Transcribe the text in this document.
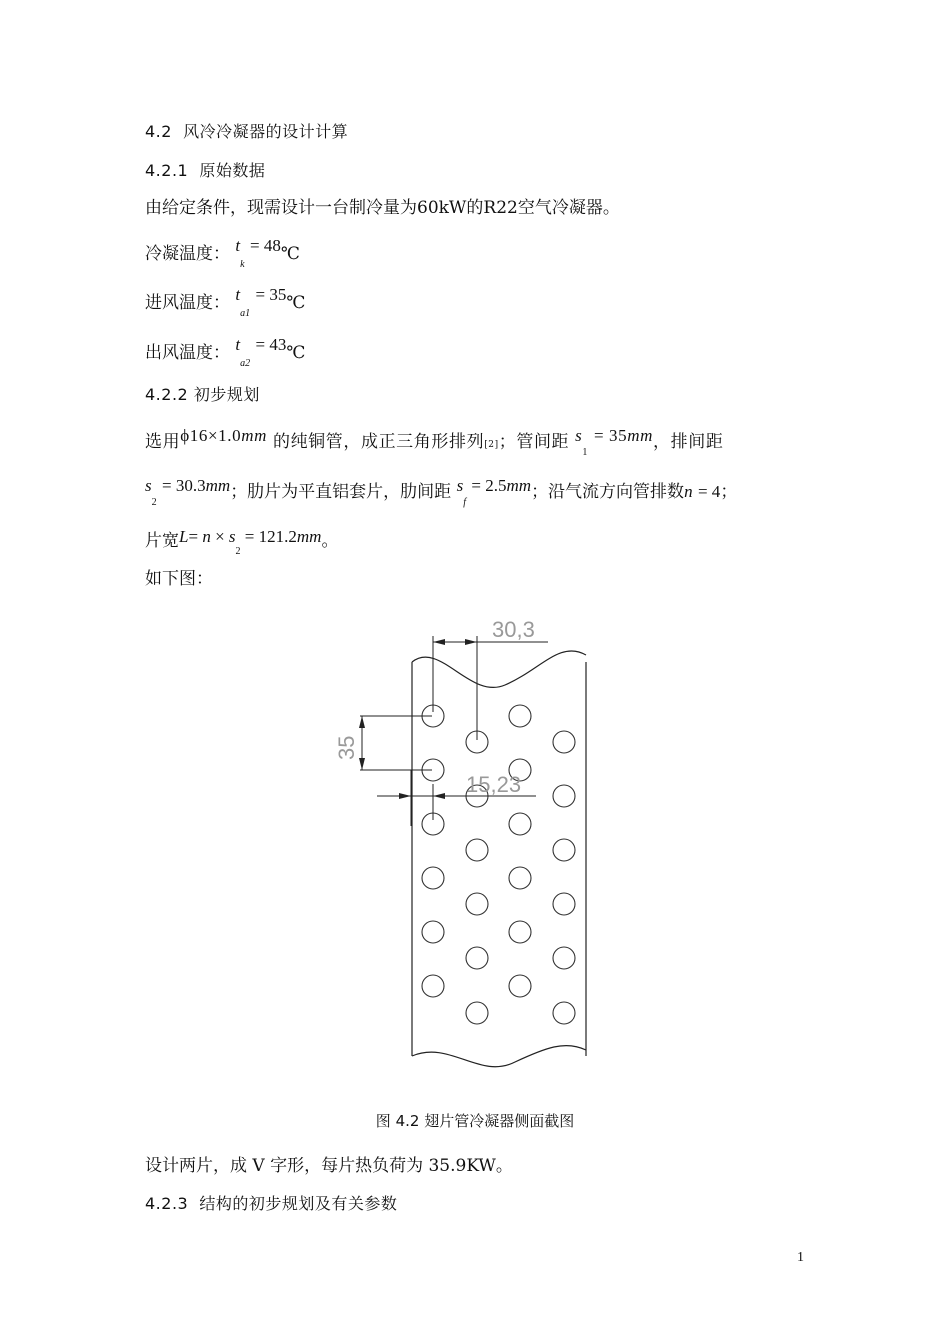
4.2 风冷冷凝器的设计计算
4.2.1 原始数据
由给定条件，现需设计一台制冷量为60kW的R22空气冷凝器。
冷凝温度： $t_k$ = 48℃
进风温度： $t_{a1}$ = 35℃
出风温度： $t_{a2}$ = 43℃
4.2.2 初步规划
选用ϕ16×1.0mm 的纯铜管，成正三角形排列[2]；管间距 $s_1 = 35mm$，排间距
$s_2 = 30.3mm$；肋片为平直铝套片，肋间距 $s_f = 2.5mm$；沿气流方向管排数n = 4；
片宽$L= n \times s_2 = 121.2mm$。
如下图：
30,3
35
15,23
图 4.2 翅片管冷凝器侧面截图
设计两片，成 V 字形，每片热负荷为 35.9KW。
4.2.3 结构的初步规划及有关参数
1
